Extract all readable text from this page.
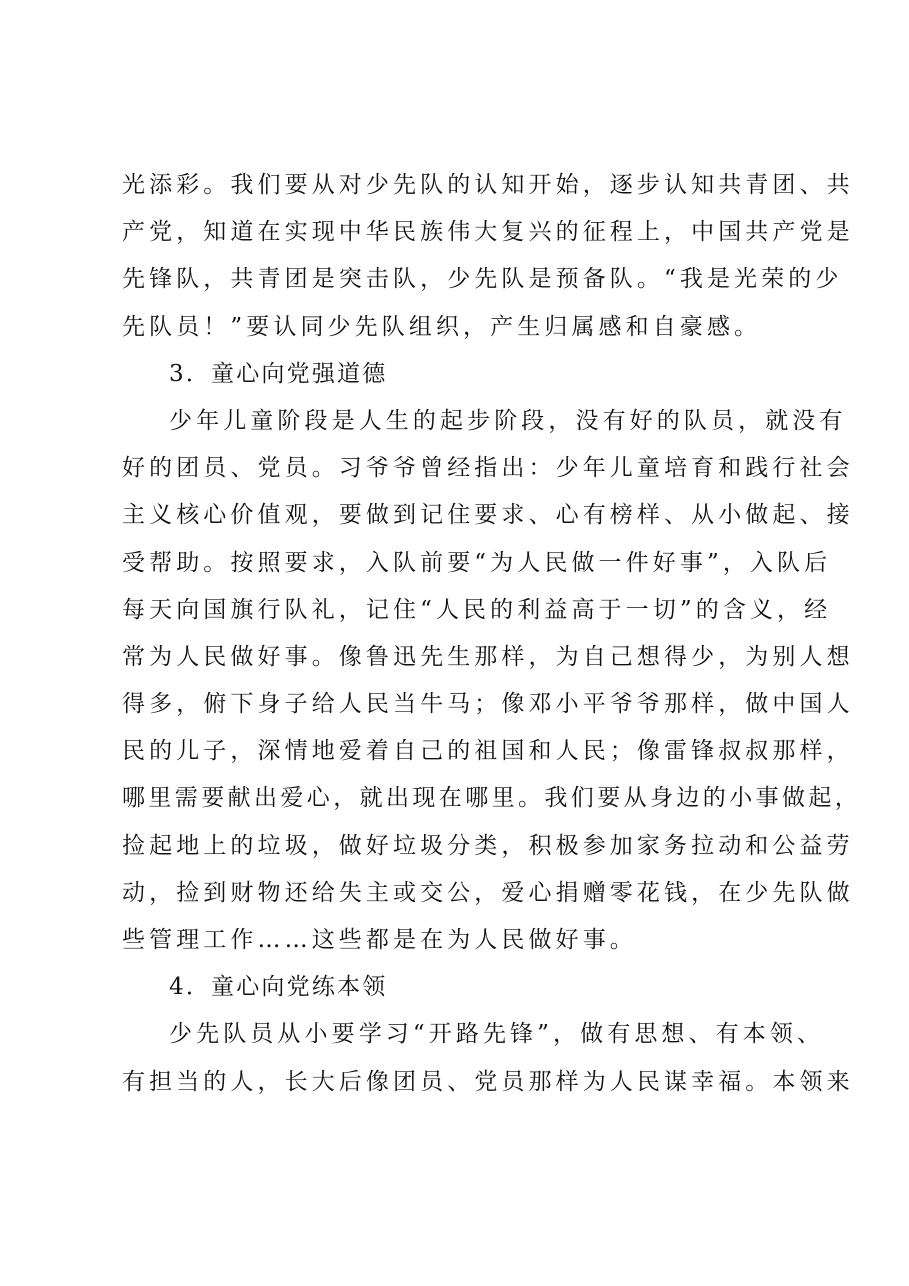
光添彩。我们要从对少先队的认知开始，逐步认知共青团、共
产党，知道在实现中华民族伟大复兴的征程上，中国共产党是
先锋队，共青团是突击队，少先队是预备队。“我是光荣的少
先队员！”要认同少先队组织，产生归属感和自豪感。
3．童心向党强道德
少年儿童阶段是人生的起步阶段，没有好的队员，就没有
好的团员、党员。习爷爷曾经指出：少年儿童培育和践行社会
主义核心价值观，要做到记住要求、心有榜样、从小做起、接
受帮助。按照要求，入队前要“为人民做一件好事”，入队后
每天向国旗行队礼，记住“人民的利益高于一切”的含义，经
常为人民做好事。像鲁迅先生那样，为自己想得少，为别人想
得多，俯下身子给人民当牛马；像邓小平爷爷那样，做中国人
民的儿子，深情地爱着自己的祖国和人民；像雷锋叔叔那样，
哪里需要献出爱心，就出现在哪里。我们要从身边的小事做起，
捡起地上的垃圾，做好垃圾分类，积极参加家务拉动和公益劳
动，捡到财物还给失主或交公，爱心捐赠零花钱，在少先队做
些管理工作……这些都是在为人民做好事。
4．童心向党练本领
少先队员从小要学习“开路先锋”，做有思想、有本领、
有担当的人，长大后像团员、党员那样为人民谋幸福。本领来
